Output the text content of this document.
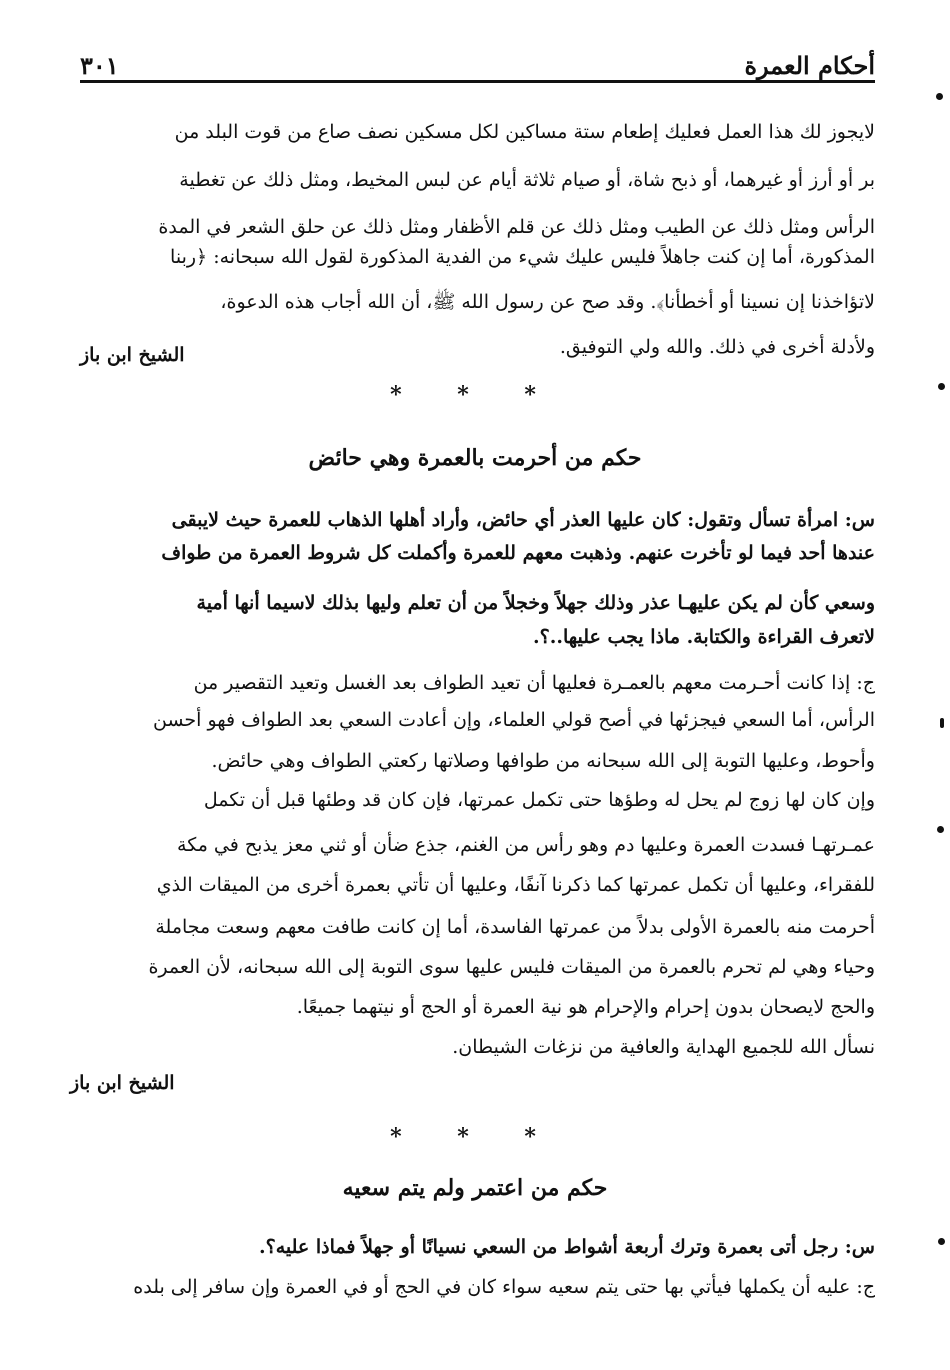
٣٠١	أحكام العمرة
لايجوز لك هذا العمل فعليك إطعام ستة مساكين لكل مسكين نصف صاع من قوت البلد من
بر أو أرز أو غيرهما، أو ذبح شاة، أو صيام ثلاثة أيام عن لبس المخيط، ومثل ذلك عن تغطية
الرأس ومثل ذلك عن الطيب ومثل ذلك عن قلم الأظفار ومثل ذلك عن حلق الشعر في المدة
المذكورة، أما إن كنت جاهلاً فليس عليك شيء من الفدية المذكورة لقول الله سبحانه: ﴿ربنا
لاتؤاخذنا إن نسينا أو أخطأنا﴾. وقد صح عن رسول الله ﷺ، أن الله أجاب هذه الدعوة،
ولأدلة أخرى في ذلك. والله ولي التوفيق.
الشيخ ابن باز
* * *
حكم من أحرمت بالعمرة وهي حائض
س: امرأة تسأل وتقول: كان عليها العذر أي حائض، وأراد أهلها الذهاب للعمرة حيث لايبقى
عندها أحد فيما لو تأخرت عنهم. وذهبت معهم للعمرة وأكملت كل شروط العمرة من طواف
وسعي كأن لم يكن عليهـا عذر وذلك جهلاً وخجلاً من أن تعلم وليها بذلك لاسيما أنها أمية
لاتعرف القراءة والكتابة. ماذا يجب عليها..؟.
ج: إذا كانت أحـرمت معهم بالعمـرة فعليها أن تعيد الطواف بعد الغسل وتعيد التقصير من
الرأس، أما السعي فيجزئها في أصح قولي العلماء، وإن أعادت السعي بعد الطواف فهو أحسن
وأحوط، وعليها التوبة إلى الله سبحانه من طوافها وصلاتها ركعتي الطواف وهي حائض.
وإن كان لها زوج لم يحل له وطؤها حتى تكمل عمرتها، فإن كان قد وطئها قبل أن تكمل
عمـرتهـا فسدت العمرة وعليها دم وهو رأس من الغنم، جذع ضأن أو ثني معز يذبح في مكة
للفقراء، وعليها أن تكمل عمرتها كما ذكرنا آنفًا، وعليها أن تأتي بعمرة أخرى من الميقات الذي
أحرمت منه بالعمرة الأولى بدلاً من عمرتها الفاسدة، أما إن كانت طافت معهم وسعت مجاملة
وحياء وهي لم تحرم بالعمرة من الميقات فليس عليها سوى التوبة إلى الله سبحانه، لأن العمرة
والحج لايصحان بدون إحرام والإحرام هو نية العمرة أو الحج أو نيتهما جميعًا.
نسأل الله للجميع الهداية والعافية من نزغات الشيطان.
الشيخ ابن باز
* * *
حكم من اعتمر ولم يتم سعيه
س: رجل أتى بعمرة وترك أربعة أشواط من السعي نسيانًا أو جهلاً فماذا عليه؟.
ج: عليه أن يكملها فيأتي بها حتى يتم سعيه سواء كان في الحج أو في العمرة وإن سافر إلى بلده
